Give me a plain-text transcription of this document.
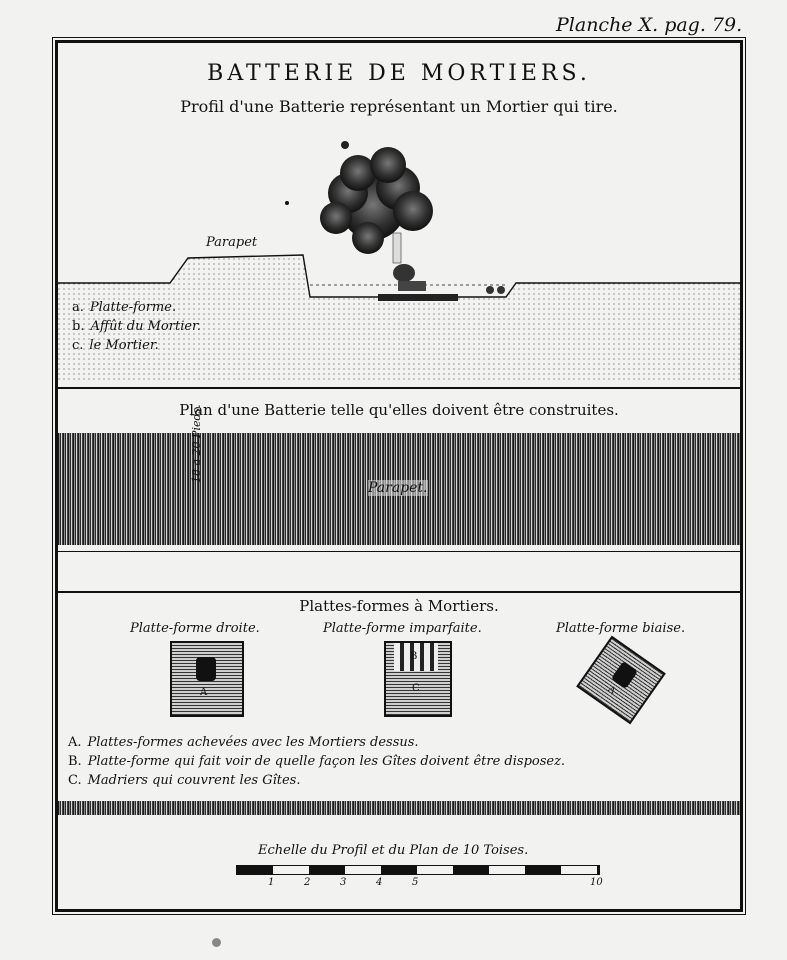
Planche X. pag. 79.
BATTERIE DE MORTIERS.
Profil d'une Batterie représentant un Mortier qui tire.
Parapet
a. Platte-forme.
b. Affût du Mortier.
c. le Mortier.
Plan d'une Batterie telle qu'elles doivent être construites.
Parapet.
18 a 20 Pieds.
Plattes-formes à Mortiers.
Platte-forme droite.	Platte-forme imparfaite.	Platte-forme biaise.
A
B
C	A
A. Plattes-formes achevées avec les Mortiers dessus.
B. Platte-forme qui fait voir de quelle façon les Gîtes doivent être disposez.
C. Madriers qui couvrent les Gîtes.
Echelle du Profil et du Plan de 10 Toises.
1	2	3	4	5	10
